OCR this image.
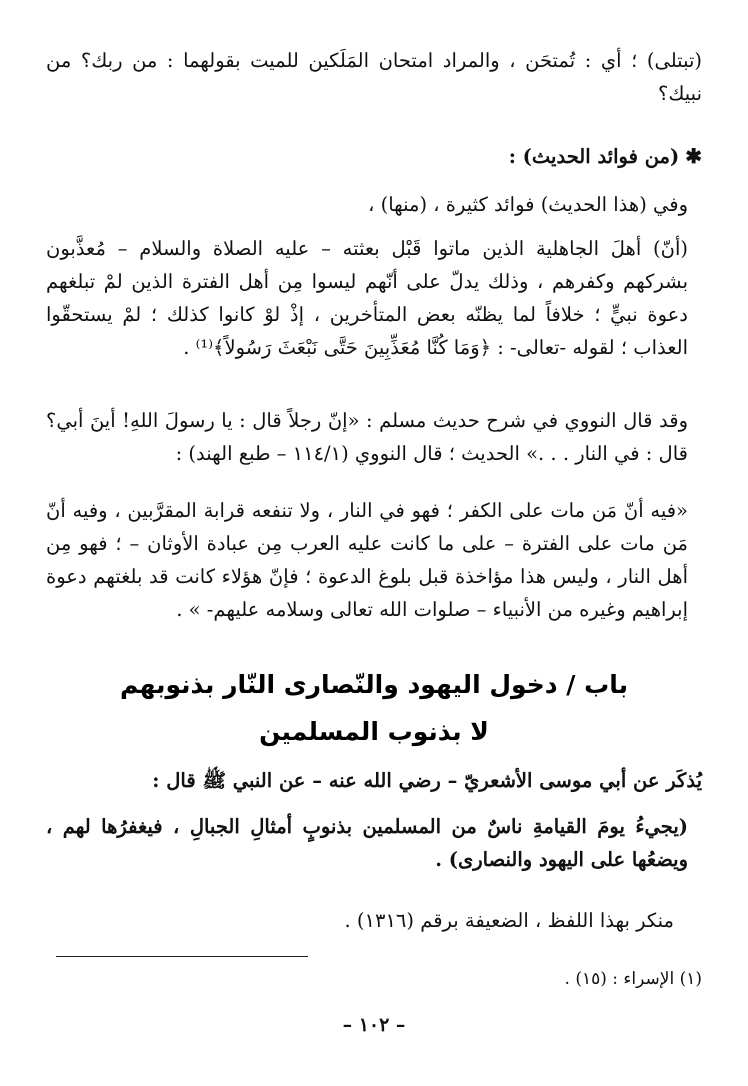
(تبتلى) ؛ أي : تُمتحَن ، والمراد امتحان المَلَكين للميت بقولهما : من ربك؟ من نبيك؟

✱(من فوائد الحديث) :

وفي (هذا الحديث) فوائد كثيرة ، (منها) ،

(أنّ) أهلَ الجاهلية الذين ماتوا قَبْل بعثته – عليه الصلاة والسلام – مُعذَّبون بشركهم وكفرهم ، وذلك يدلّ على أنّهم ليسوا مِن أهل الفترة الذين لمْ تبلغهم دعوة نبيٍّ ؛ خلافاً لما يظنّه بعض المتأخرين ، إذْ لوْ كانوا كذلك ؛ لمْ يستحقّوا العذاب ؛ لقوله -تعالى- : ﴿وَمَا كُنَّا مُعَذِّبِينَ حَتَّى نَبْعَثَ رَسُولاً﴾⁽¹⁾ .

وقد قال النووي في شرح حديث مسلم : «إنّ رجلاً قال : يا رسولَ اللهِ! أينَ أبي؟ قال : في النار . . .» الحديث ؛ قال النووي (١١٤/١ – طبع الهند) :

«فيه أنّ مَن مات على الكفر ؛ فهو في النار ، ولا تنفعه قرابة المقرَّبين ، وفيه أنّ مَن مات على الفترة – على ما كانت عليه العرب مِن عبادة الأوثان – ؛ فهو مِن أهل النار ، وليس هذا مؤاخذة قبل بلوغ الدعوة ؛ فإنّ هؤلاء كانت قد بلغتهم دعوة إبراهيم وغيره من الأنبياء – صلوات الله تعالى وسلامه عليهم- » .

باب / دخول اليهود والنّصارى النّار بذنوبهم
لا بذنوب المسلمين

يُذكَر عن أبي موسى الأشعريّ – رضي الله عنه – عن النبي ﷺ قال :

(يجيءُ يومَ القيامةِ ناسٌ من المسلمين بذنوبٍ أمثالِ الجبالِ ، فيغفرُها لهم ، ويضعُها على اليهود والنصارى) .

منكر بهذا اللفظ ، الضعيفة برقم (١٣١٦) .

(١) الإسراء : (١٥) .
– ١٠٢ –
